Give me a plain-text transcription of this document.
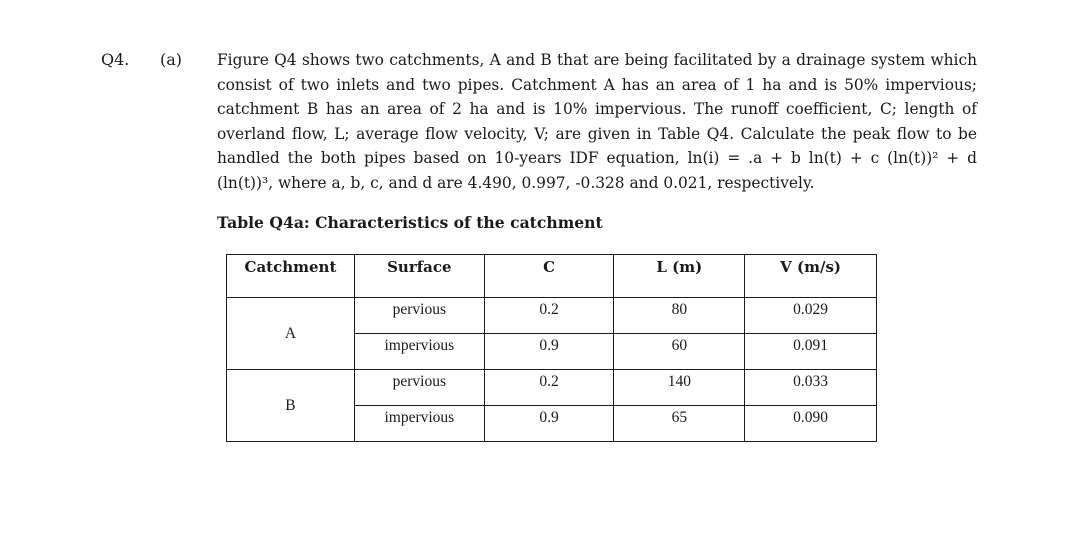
Q4. (a) Figure Q4 shows two catchments, A and B that are being facilitated by a drainage system which consist of two inlets and two pipes. Catchment A has an area of 1 ha and is 50% impervious; catchment B has an area of 2 ha and is 10% impervious. The runoff coefficient, C; length of overland flow, L; average flow velocity, V; are given in Table Q4. Calculate the peak flow to be handled the both pipes based on 10-years IDF equation, ln(i) = .a + b ln(t) + c (ln(t))² + d (ln(t))³, where a, b, c, and d are 4.490, 0.997, -0.328 and 0.021, respectively.
Table Q4a: Characteristics of the catchment
Catchment	Surface	C	L (m)	V (m/s)
A	pervious	0.2	80	0.029
	impervious	0.9	60	0.091
B	pervious	0.2	140	0.033
	impervious	0.9	65	0.090
